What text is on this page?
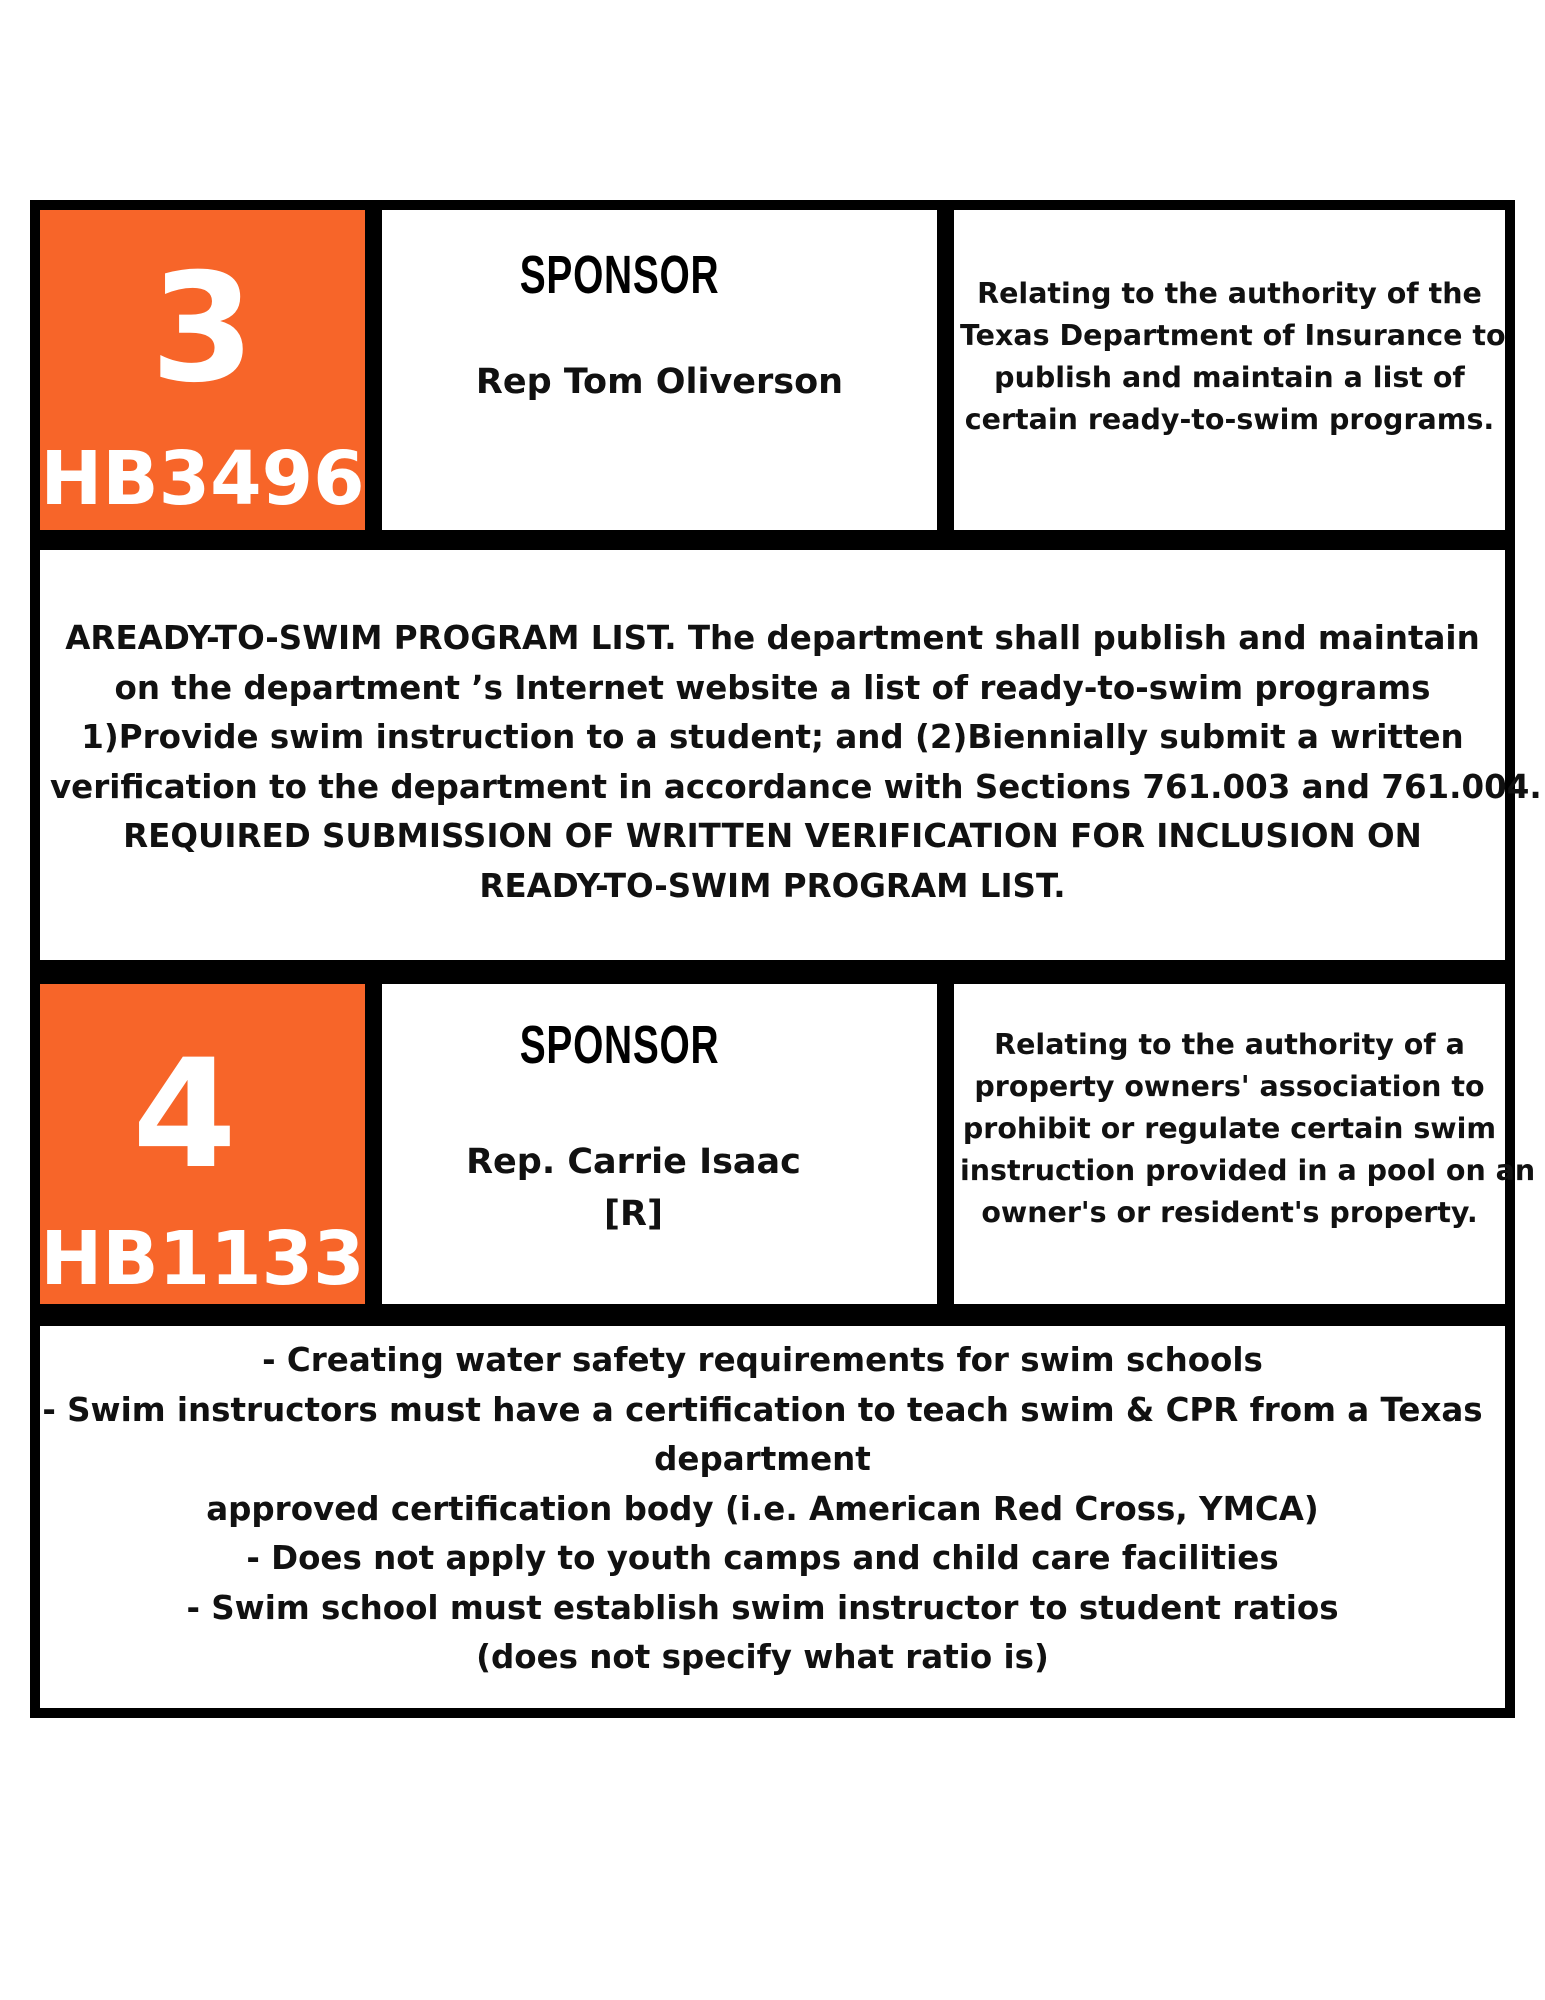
3
HB3496
SPONSOR
Rep Tom Oliverson
Relating to the authority of the
Texas Department of Insurance to
publish and maintain a list of
certain ready-to-swim programs.
AREADY-TO-SWIM PROGRAM LIST. The department shall publish and maintain
on the department ’s Internet website a list of ready-to-swim programs
1)Provide swim instruction to a student; and (2)Biennially submit a written
verification to the department in accordance with Sections 761.003 and 761.004.
REQUIRED SUBMISSION OF WRITTEN VERIFICATION FOR INCLUSION ON
READY-TO-SWIM PROGRAM LIST.
4
HB1133
SPONSOR
Rep. Carrie Isaac
[R]
Relating to the authority of a
property owners' association to
prohibit or regulate certain swim
instruction provided in a pool on an
owner's or resident's property.
- Creating water safety requirements for swim schools
- Swim instructors must have a certification to teach swim & CPR from a Texas
department
approved certification body (i.e. American Red Cross, YMCA)
- Does not apply to youth camps and child care facilities
- Swim school must establish swim instructor to student ratios
(does not specify what ratio is)
